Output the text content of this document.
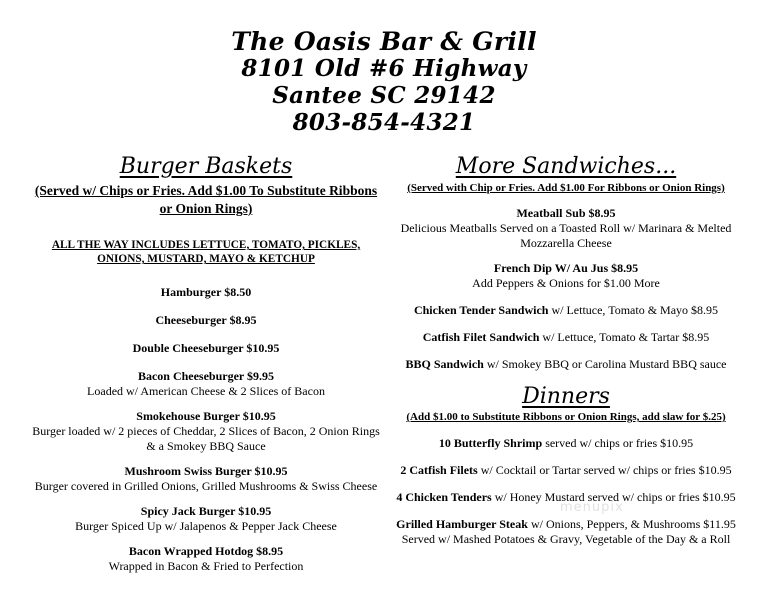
The Oasis Bar & Grill
8101 Old #6 Highway
Santee SC 29142
803-854-4321
Burger Baskets
(Served w/ Chips or Fries. Add $1.00 To Substitute Ribbons or Onion Rings)
ALL THE WAY INCLUDES LETTUCE, TOMATO, PICKLES, ONIONS, MUSTARD, MAYO & KETCHUP
Hamburger $8.50
Cheeseburger $8.95
Double Cheeseburger $10.95
Bacon Cheeseburger $9.95
Loaded w/ American Cheese & 2 Slices of Bacon
Smokehouse Burger $10.95
Burger loaded w/ 2 pieces of Cheddar, 2 Slices of Bacon, 2 Onion Rings & a Smokey BBQ Sauce
Mushroom Swiss Burger $10.95
Burger covered in Grilled Onions, Grilled Mushrooms & Swiss Cheese
Spicy Jack Burger $10.95
Burger Spiced Up w/ Jalapenos & Pepper Jack Cheese
Bacon Wrapped Hotdog $8.95
Wrapped in Bacon & Fried to Perfection
More Sandwiches...
(Served with Chip or Fries. Add $1.00 For Ribbons or Onion Rings)
Meatball Sub $8.95
Delicious Meatballs Served on a Toasted Roll w/ Marinara & Melted Mozzarella Cheese
French Dip W/ Au Jus $8.95
Add Peppers & Onions for $1.00 More
Chicken Tender Sandwich w/ Lettuce, Tomato & Mayo $8.95
Catfish Filet Sandwich w/ Lettuce, Tomato & Tartar $8.95
BBQ Sandwich w/ Smokey BBQ or Carolina Mustard BBQ sauce
Dinners
(Add $1.00 to Substitute Ribbons or Onion Rings, add slaw for $.25)
10 Butterfly Shrimp served w/ chips or fries $10.95
2 Catfish Filets w/ Cocktail or Tartar served w/ chips or fries $10.95
4 Chicken Tenders w/ Honey Mustard served w/ chips or fries $10.95
Grilled Hamburger Steak w/ Onions, Peppers, & Mushrooms $11.95
Served w/ Mashed Potatoes & Gravy, Vegetable of the Day & a Roll
menupix
